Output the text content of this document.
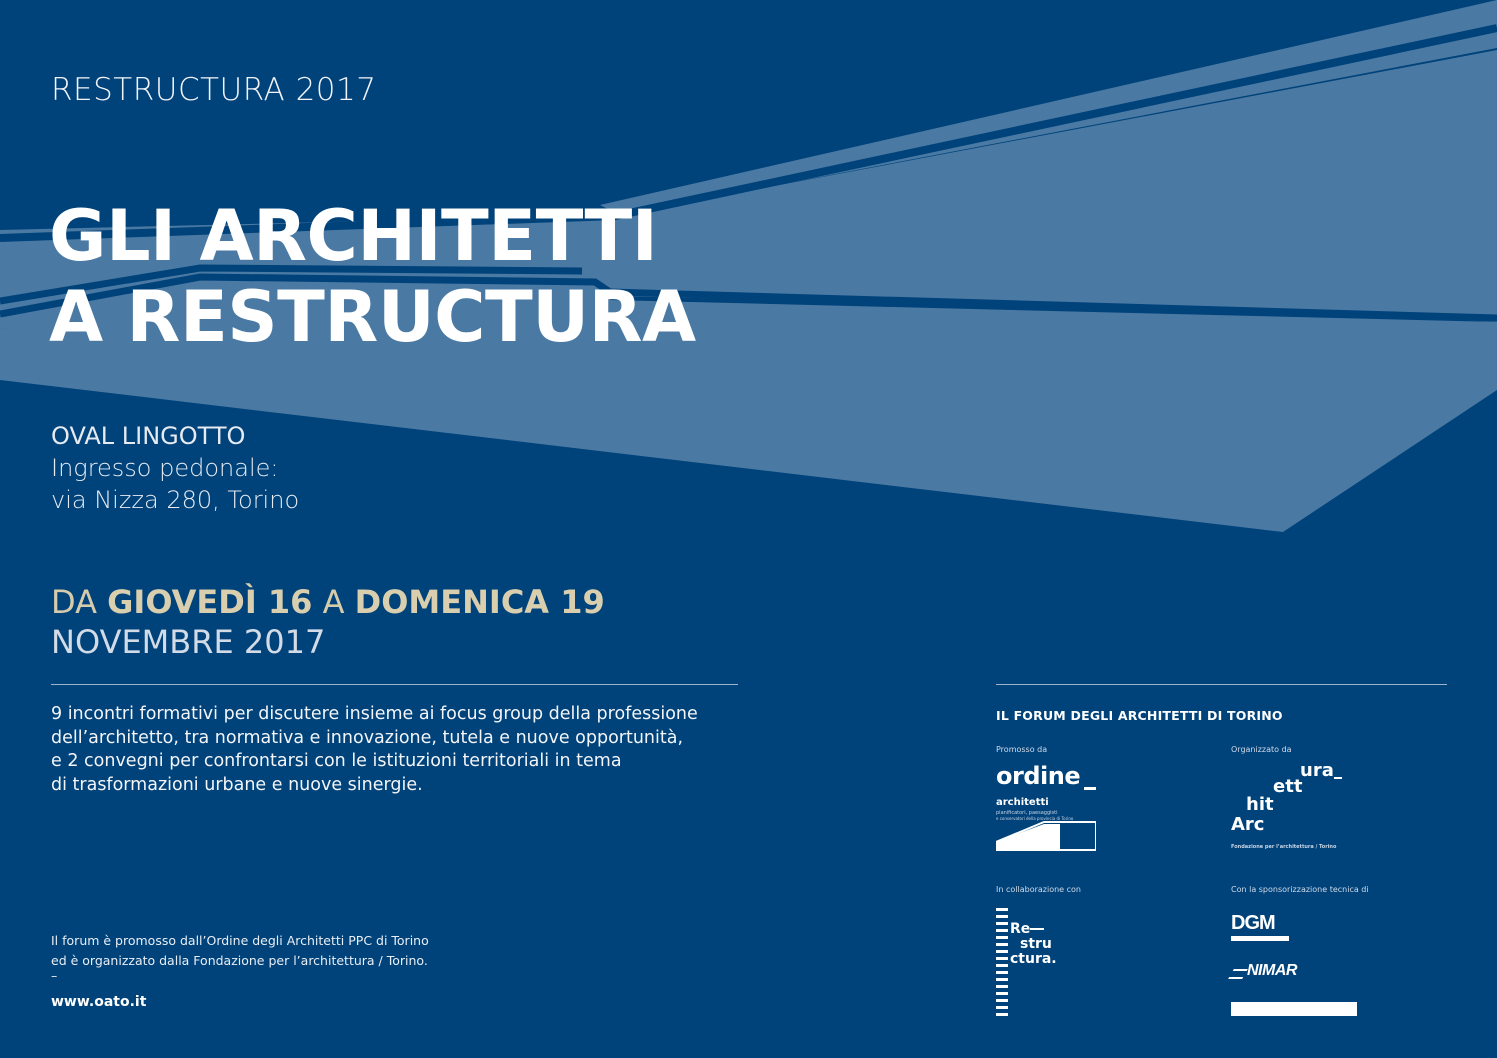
RESTRUCTURA 2017
GLI ARCHITETTI
A RESTRUCTURA
OVAL LINGOTTO
Ingresso pedonale:
via Nizza 280, Torino
DA GIOVEDÌ 16 A DOMENICA 19
NOVEMBRE 2017
9 incontri formativi per discutere insieme ai focus group della professione
dell’architetto, tra normativa e innovazione, tutela e nuove opportunità,
e 2 convegni per confrontarsi con le istituzioni territoriali in tema
di trasformazioni urbane e nuove sinergie.
Il forum è promosso dall’Ordine degli Architetti PPC di Torino
ed è organizzato dalla Fondazione per l’architettura / Torino.
–
www.oato.it
IL FORUM DEGLI ARCHITETTI DI TORINO
Promosso da	Organizzato da
ordine
architetti
pianificatori, paesaggisti
e conservatori della provincia di Torino
ura
ett
hit
Arc
Fondazione per l’architettura / Torino
In collaborazione con	Con la sponsorizzazione tecnica di
Re
stru
ctura.
DGM
NIMAR
